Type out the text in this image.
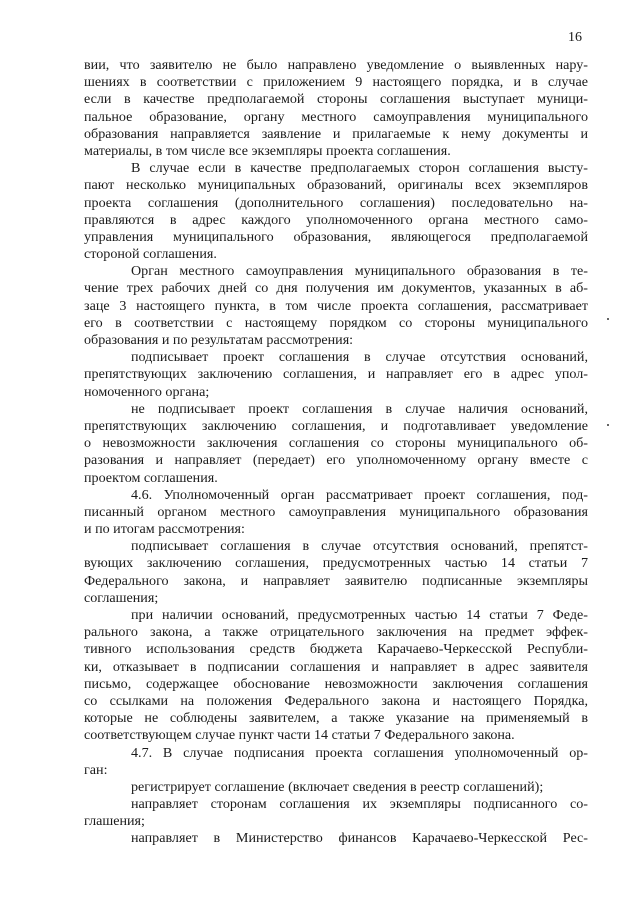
16
вии, что заявителю не было направлено уведомление о выявленных нару-
шениях в соответствии с приложением 9 настоящего порядка, и в случае
если в качестве предполагаемой стороны соглашения выступает муници-
пальное образование, органу местного самоуправления муниципального
образования направляется заявление и прилагаемые к нему документы и
материалы, в том числе все экземпляры проекта соглашения.
В случае если в качестве предполагаемых сторон соглашения высту-
пают несколько муниципальных образований, оригиналы всех экземпляров
проекта соглашения (дополнительного соглашения) последовательно на-
правляются в адрес каждого уполномоченного органа местного само-
управления муниципального образования, являющегося предполагаемой
стороной соглашения.
Орган местного самоуправления муниципального образования в те-
чение трех рабочих дней со дня получения им документов, указанных в аб-
заце 3 настоящего пункта, в том числе проекта соглашения, рассматривает
его в соответствии с настоящему порядком со стороны муниципального
образования и по результатам рассмотрения:
подписывает проект соглашения в случае отсутствия оснований,
препятствующих заключению соглашения, и направляет его в адрес упол-
номоченного органа;
не подписывает проект соглашения в случае наличия оснований,
препятствующих заключению соглашения, и подготавливает уведомление
о невозможности заключения соглашения со стороны муниципального об-
разования и направляет (передает) его уполномоченному органу вместе с
проектом соглашения.
4.6. Уполномоченный орган рассматривает проект соглашения, под-
писанный органом местного самоуправления муниципального образования
и по итогам рассмотрения:
подписывает соглашения в случае отсутствия оснований, препятст-
вующих заключению соглашения, предусмотренных частью 14 статьи 7
Федерального закона, и направляет заявителю подписанные экземпляры
соглашения;
при наличии оснований, предусмотренных частью 14 статьи 7 Феде-
рального закона, а также отрицательного заключения на предмет эффек-
тивного использования средств бюджета Карачаево-Черкесской Республи-
ки, отказывает в подписании соглашения и направляет в адрес заявителя
письмо, содержащее обоснование невозможности заключения соглашения
со ссылками на положения Федерального закона и настоящего Порядка,
которые не соблюдены заявителем, а также указание на применяемый в
соответствующем случае пункт части 14 статьи 7 Федерального закона.
4.7. В случае подписания проекта соглашения уполномоченный ор-
ган:
регистрирует соглашение (включает сведения в реестр соглашений);
направляет сторонам соглашения их экземпляры подписанного со-
глашения;
направляет в Министерство финансов Карачаево-Черкесской Рес-
